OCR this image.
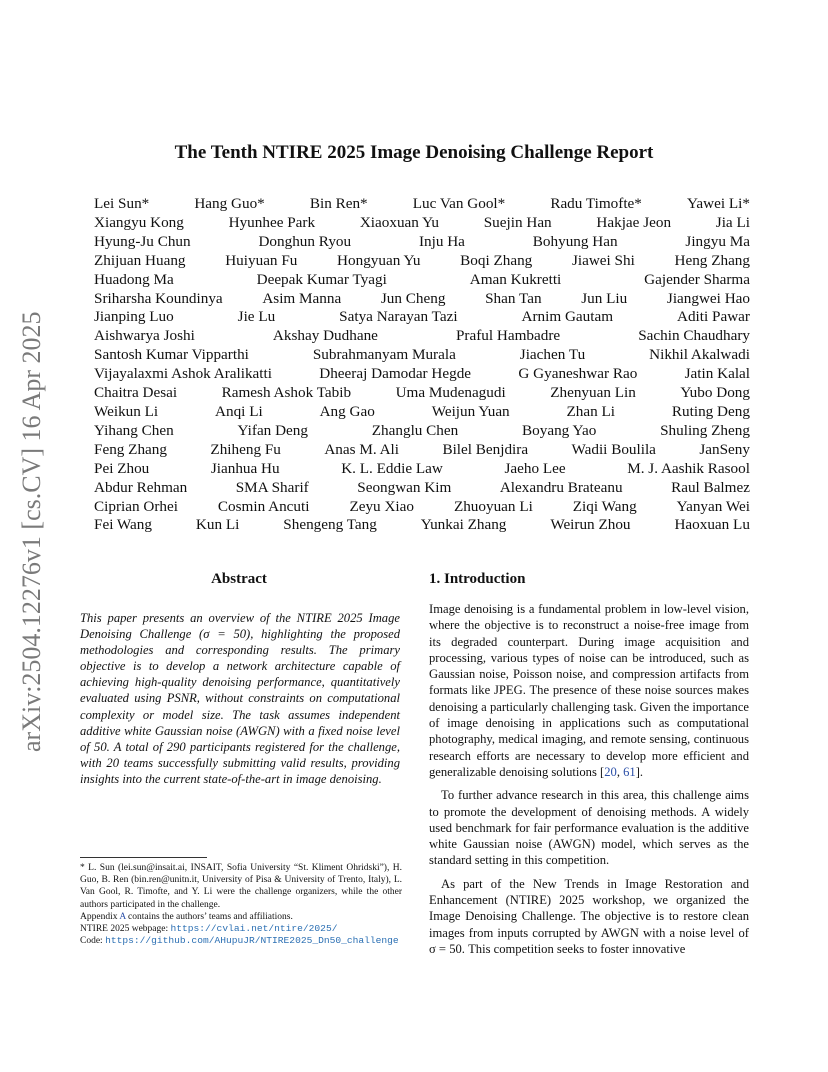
arXiv:2504.12276v1 [cs.CV] 16 Apr 2025
The Tenth NTIRE 2025 Image Denoising Challenge Report
Lei Sun*	Hang Guo*	Bin Ren*	Luc Van Gool*	Radu Timofte*	Yawei Li*
Xiangyu Kong	Hyunhee Park	Xiaoxuan Yu	Suejin Han	Hakjae Jeon	Jia Li
Hyung-Ju Chun	Donghun Ryou	Inju Ha	Bohyung Han	Jingyu Ma
Zhijuan Huang	Huiyuan Fu	Hongyuan Yu	Boqi Zhang	Jiawei Shi	Heng Zhang
Huadong Ma	Deepak Kumar Tyagi	Aman Kukretti	Gajender Sharma
Sriharsha Koundinya	Asim Manna	Jun Cheng	Shan Tan	Jun Liu	Jiangwei Hao
Jianping Luo	Jie Lu	Satya Narayan Tazi	Arnim Gautam	Aditi Pawar
Aishwarya Joshi	Akshay Dudhane	Praful Hambadre	Sachin Chaudhary
Santosh Kumar Vipparthi	Subrahmanyam Murala	Jiachen Tu	Nikhil Akalwadi
Vijayalaxmi Ashok Aralikatti	Dheeraj Damodar Hegde	G Gyaneshwar Rao	Jatin Kalal
Chaitra Desai	Ramesh Ashok Tabib	Uma Mudenagudi	Zhenyuan Lin	Yubo Dong
Weikun Li	Anqi Li	Ang Gao	Weijun Yuan	Zhan Li	Ruting Deng
Yihang Chen	Yifan Deng	Zhanglu Chen	Boyang Yao	Shuling Zheng
Feng Zhang	Zhiheng Fu	Anas M. Ali	Bilel Benjdira	Wadii Boulila	JanSeny
Pei Zhou	Jianhua Hu	K. L. Eddie Law	Jaeho Lee	M. J. Aashik Rasool
Abdur Rehman	SMA Sharif	Seongwan Kim	Alexandru Brateanu	Raul Balmez
Ciprian Orhei	Cosmin Ancuti	Zeyu Xiao	Zhuoyuan Li	Ziqi Wang	Yanyan Wei
Fei Wang	Kun Li	Shengeng Tang	Yunkai Zhang	Weirun Zhou	Haoxuan Lu
Abstract
This paper presents an overview of the NTIRE 2025 Image Denoising Challenge (σ = 50), highlighting the proposed methodologies and corresponding results. The primary objective is to develop a network architecture capable of achieving high-quality denoising performance, quantitatively evaluated using PSNR, without constraints on computational complexity or model size. The task assumes independent additive white Gaussian noise (AWGN) with a fixed noise level of 50. A total of 290 participants registered for the challenge, with 20 teams successfully submitting valid results, providing insights into the current state-of-the-art in image denoising.
1. Introduction

Image denoising is a fundamental problem in low-level vision, where the objective is to reconstruct a noise-free image from its degraded counterpart. During image acquisition and processing, various types of noise can be introduced, such as Gaussian noise, Poisson noise, and compression artifacts from formats like JPEG. The presence of these noise sources makes denoising a particularly challenging task. Given the importance of image denoising in applications such as computational photography, medical imaging, and remote sensing, continuous research efforts are necessary to develop more efficient and generalizable denoising solutions [20, 61].

To further advance research in this area, this challenge aims to promote the development of denoising methods. A widely used benchmark for fair performance evaluation is the additive white Gaussian noise (AWGN) model, which serves as the standard setting in this competition.

As part of the New Trends in Image Restoration and Enhancement (NTIRE) 2025 workshop, we organized the Image Denoising Challenge. The objective is to restore clean images from inputs corrupted by AWGN with a noise level of σ = 50. This competition seeks to foster innovative

* L. Sun (lei.sun@insait.ai, INSAIT, Sofia University “St. Kliment Ohridski”), H. Guo, B. Ren (bin.ren@unitn.it, University of Pisa & University of Trento, Italy), L. Van Gool, R. Timofte, and Y. Li were the challenge organizers, while the other authors participated in the challenge.

Appendix A contains the authors’ teams and affiliations.

NTIRE 2025 webpage: https://cvlai.net/ntire/2025/

Code: https://github.com/AHupuJR/NTIRE2025_Dn50_challenge
